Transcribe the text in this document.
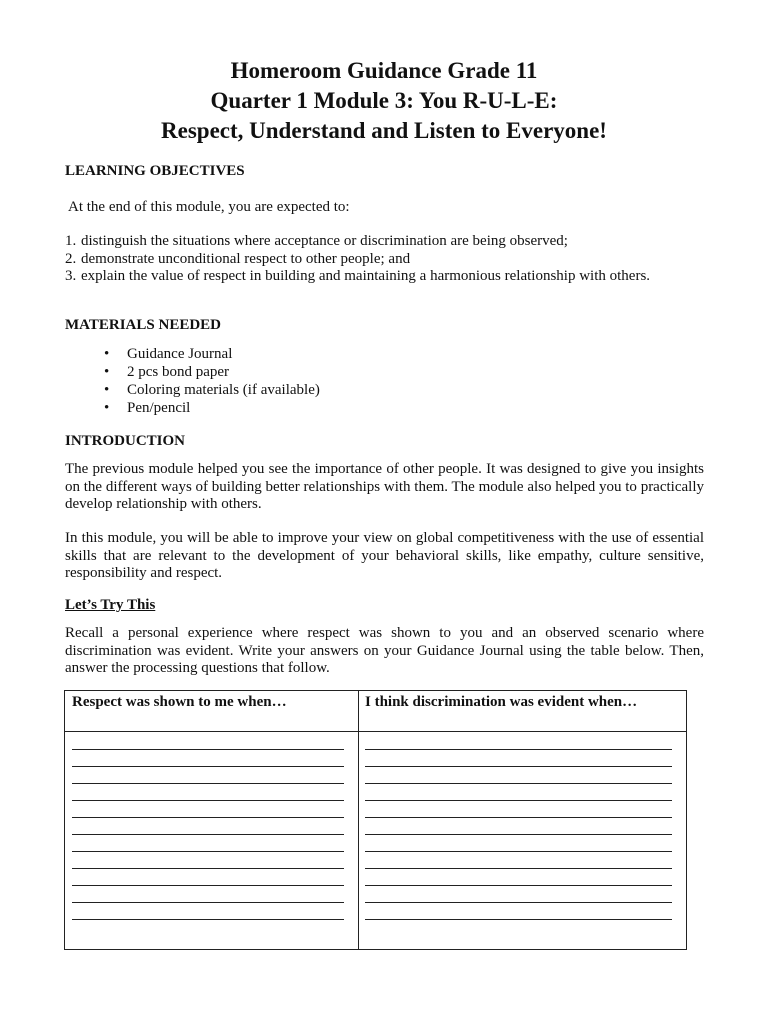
Homeroom Guidance Grade 11
Quarter 1 Module 3: You R-U-L-E:
Respect, Understand and Listen to Everyone!
LEARNING OBJECTIVES

At the end of this module, you are expected to:

1. distinguish the situations where acceptance or discrimination are being observed;
2. demonstrate unconditional respect to other people; and
3. explain the value of respect in building and maintaining a harmonious relationship with others.
MATERIALS NEEDED
• Guidance Journal
• 2 pcs bond paper
• Coloring materials (if available)
• Pen/pencil
INTRODUCTION

The previous module helped you see the importance of other people. It was designed to give you insights on the different ways of building better relationships with them. The module also helped you to practically develop relationship with others.

In this module, you will be able to improve your view on global competitiveness with the use of essential skills that are relevant to the development of your behavioral skills, like empathy, culture sensitive, responsibility and respect.

Let’s Try This

Recall a personal experience where respect was shown to you and an observed scenario where discrimination was evident. Write your answers on your Guidance Journal using the table below. Then, answer the processing questions that follow.

Respect was shown to me when…	I think discrimination was evident when…
